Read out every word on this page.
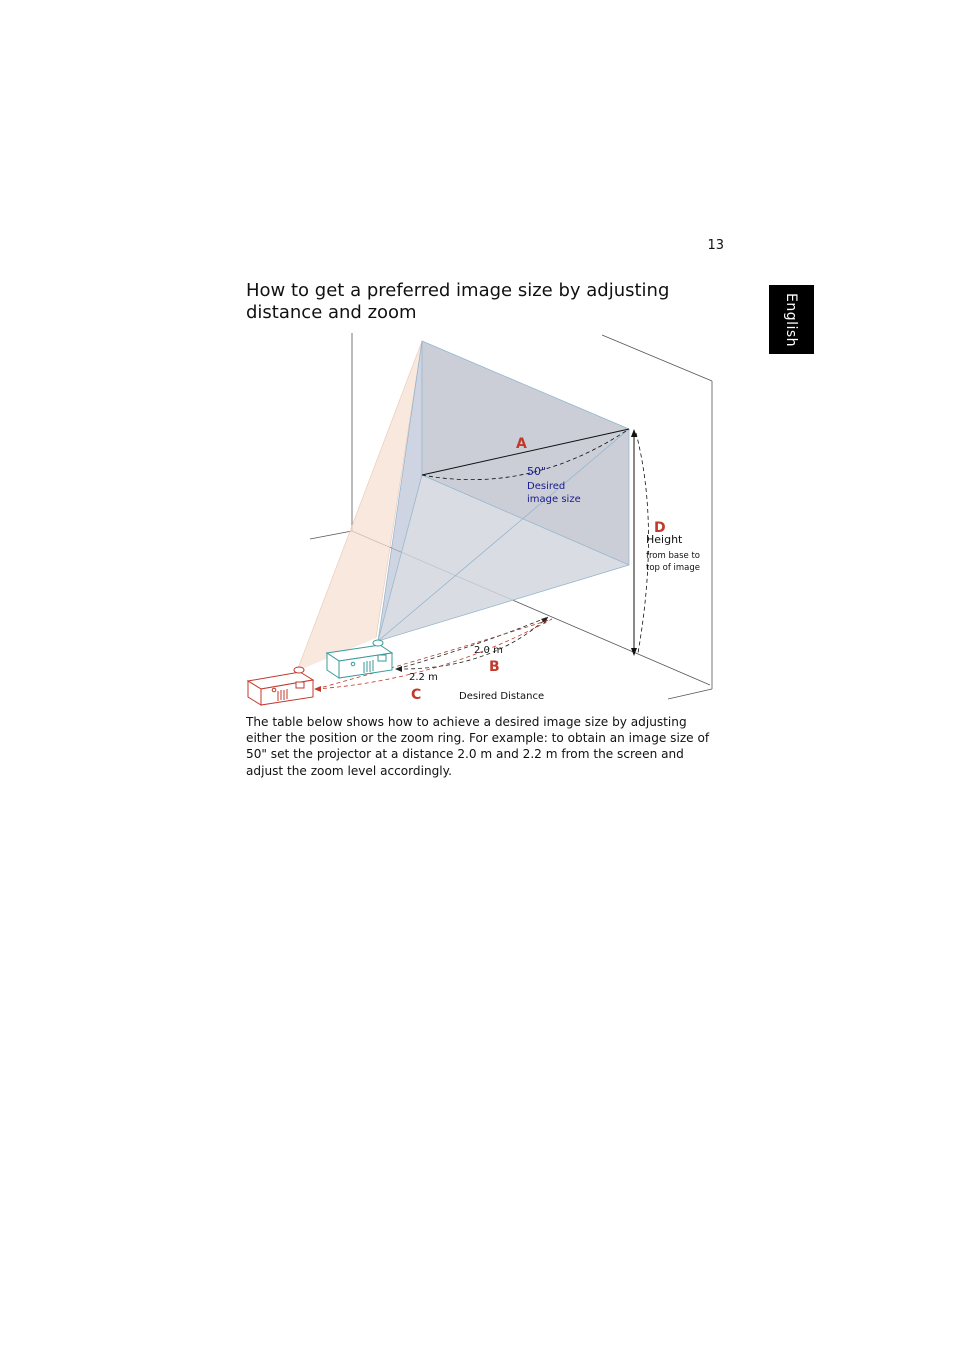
13
English
How to get a preferred image size by adjusting distance and zoom
A
50"
Desired
image size
D
Height
from base to
top of image
2.0 m
2.2 m
B
C	Desired Distance

The table below shows how to achieve a desired image size by adjusting either the position or the zoom ring. For example: to obtain an image size of 50" set the projector at a distance 2.0 m and 2.2 m from the screen and adjust the zoom level accordingly.
